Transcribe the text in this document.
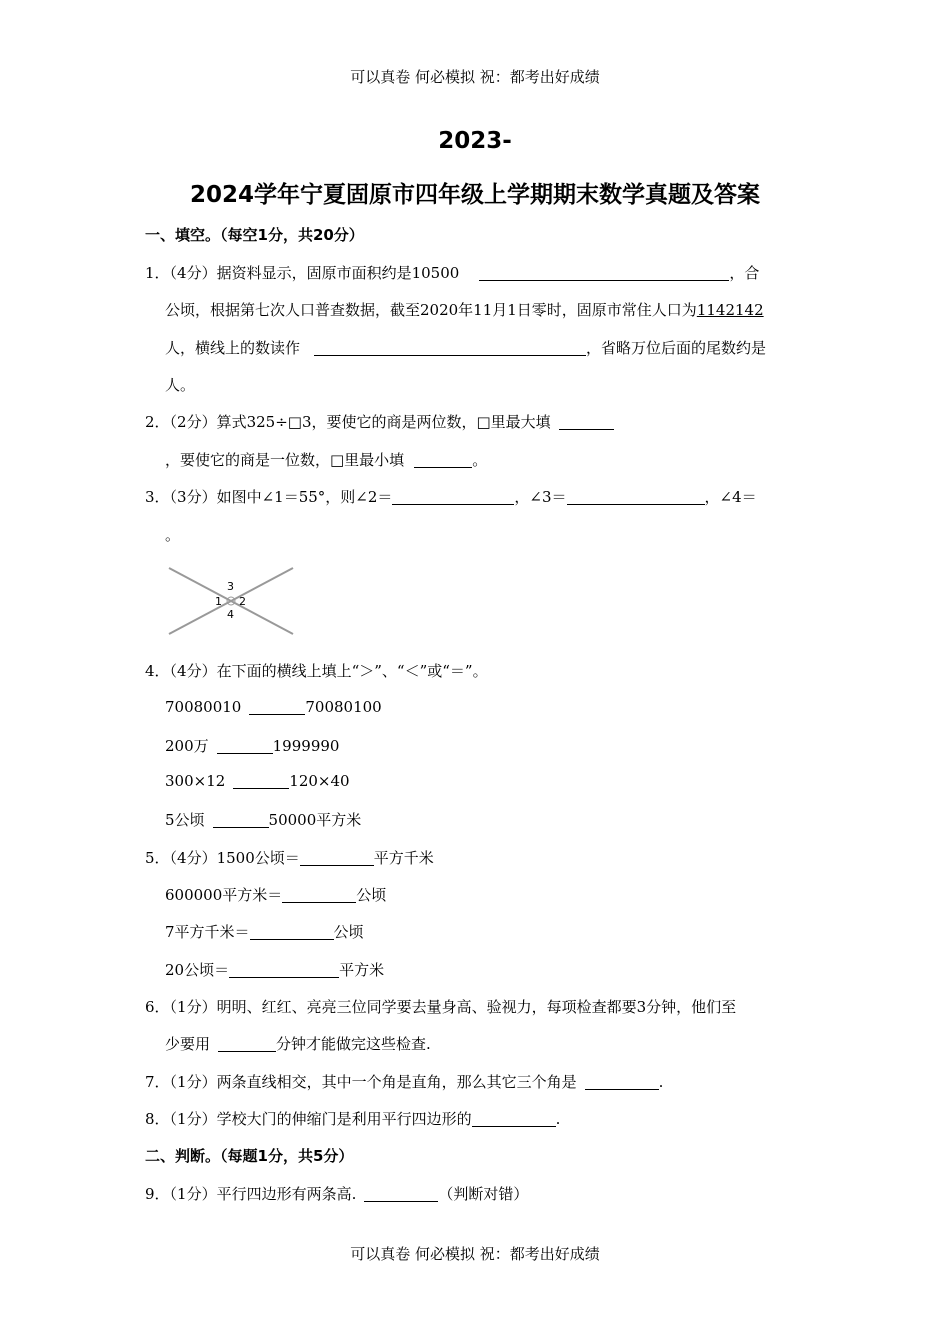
可以真卷 何必模拟 祝：都考出好成绩
2023-
2024学年宁夏固原市四年级上学期期末数学真题及答案
一、填空。（每空1分，共20分）
1．（4分）据资料显示，固原市面积约是10500	，合
公顷，根据第七次人口普查数据，截至2020年11月1日零时，固原市常住人口为1142142
人，横线上的数读作	，省略万位后面的尾数约是
人。
2．（2分）算式325÷□3，要使它的商是两位数，□里最大填
，要使它的商是一位数，□里最小填	。
3．（3分）如图中∠1＝55°，则∠2＝	，∠3＝	，∠4＝
。
3
1 2
4
4．（4分）在下面的横线上填上“＞”、“＜”或“＝”。
70080010	70080100
200万	1999990
300×12	120×40
5公顷	50000平方米
5．（4分）1500公顷＝	平方千米
600000平方米＝	公顷
7平方千米＝	公顷
20公顷＝	平方米
6．（1分）明明、红红、亮亮三位同学要去量身高、验视力，每项检查都要3分钟，他们至
少要用	分钟才能做完这些检查.
7．（1分）两条直线相交，其中一个角是直角，那么其它三个角是	.
8．（1分）学校大门的伸缩门是利用平行四边形的	.
二、判断。（每题1分，共5分）
9．（1分）平行四边形有两条高.	（判断对错）
可以真卷 何必模拟 祝：都考出好成绩
